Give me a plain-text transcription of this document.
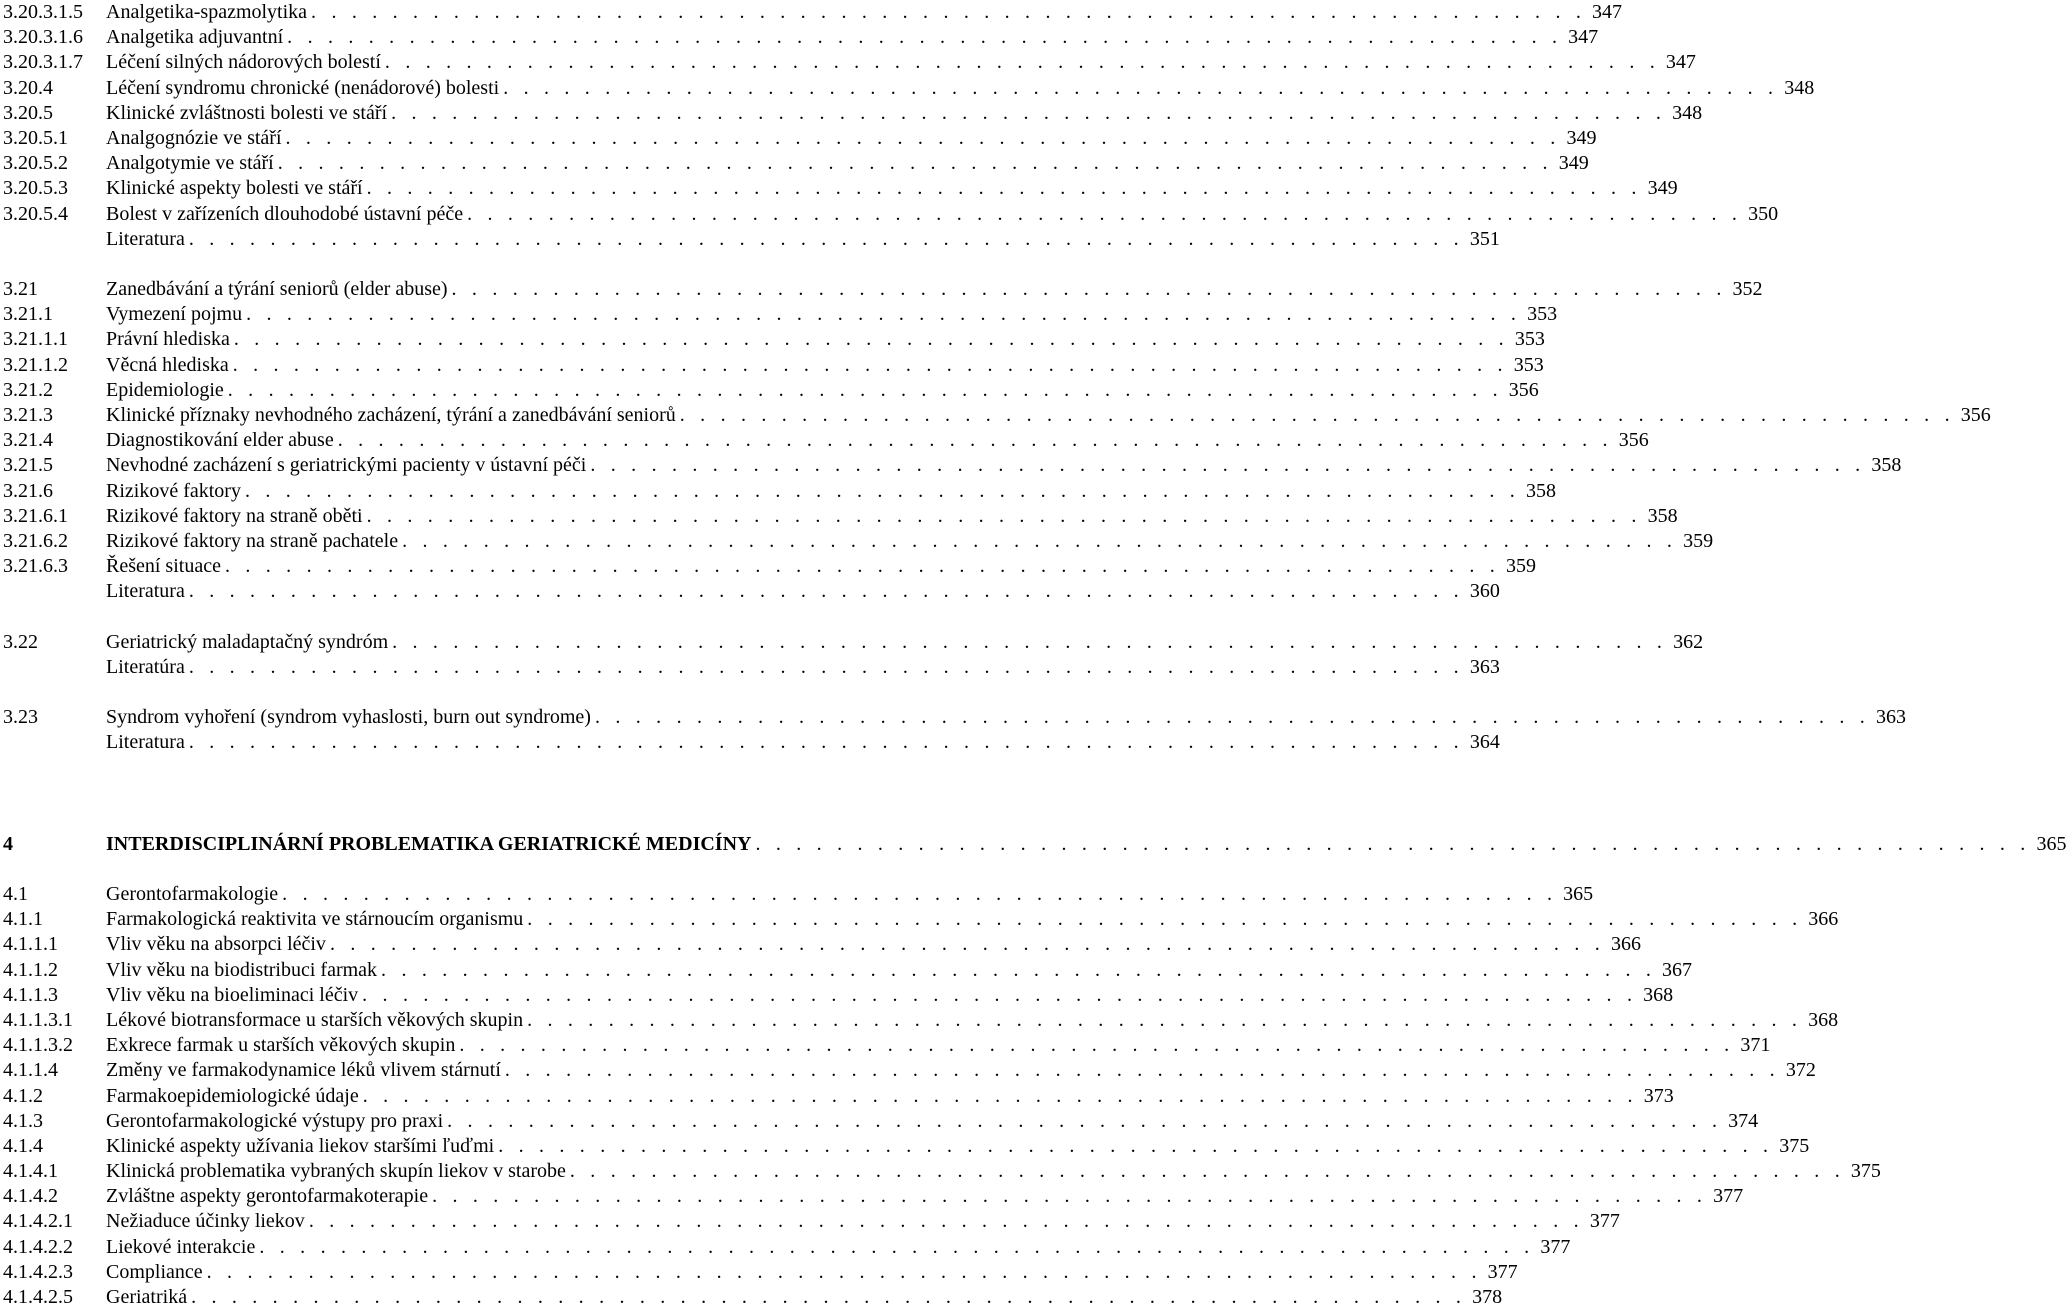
3.20.3.1.5	Analgetika-spazmolytika . . . . . . . . . . . . . . . . . . . . . . . . . . . . . . . . . . . . . . . . . . . . . . . . . . . . . . . . . . . . . . . 347
3.20.3.1.6	Analgetika adjuvantní . . . . . . . . . . . . . . . . . . . . . . . . . . . . . . . . . . . . . . . . . . . . . . . . . . . . . . . . . . . . . . . 347
3.20.3.1.7	Léčení silných nádorových bolestí . . . . . . . . . . . . . . . . . . . . . . . . . . . . . . . . . . . . . . . . . . . . . . . . . . . . . . . . . . . . . . . 347
3.20.4	Léčení syndromu chronické (nenádorové) bolesti . . . . . . . . . . . . . . . . . . . . . . . . . . . . . . . . . . . . . . . . . . . . . . . . . . . . . . . . . . . . . . . 348
3.20.5	Klinické zvláštnosti bolesti ve stáří . . . . . . . . . . . . . . . . . . . . . . . . . . . . . . . . . . . . . . . . . . . . . . . . . . . . . . . . . . . . . . . 348
3.20.5.1	Analgognózie ve stáří . . . . . . . . . . . . . . . . . . . . . . . . . . . . . . . . . . . . . . . . . . . . . . . . . . . . . . . . . . . . . . . 349
3.20.5.2	Analgotymie ve stáří . . . . . . . . . . . . . . . . . . . . . . . . . . . . . . . . . . . . . . . . . . . . . . . . . . . . . . . . . . . . . . . 349
3.20.5.3	Klinické aspekty bolesti ve stáří . . . . . . . . . . . . . . . . . . . . . . . . . . . . . . . . . . . . . . . . . . . . . . . . . . . . . . . . . . . . . . . 349
3.20.5.4	Bolest v zařízeních dlouhodobé ústavní péče . . . . . . . . . . . . . . . . . . . . . . . . . . . . . . . . . . . . . . . . . . . . . . . . . . . . . . . . . . . . . . . 350
Literatura . . . . . . . . . . . . . . . . . . . . . . . . . . . . . . . . . . . . . . . . . . . . . . . . . . . . . . . . . . . . . . . 351
3.21	Zanedbávání a týrání seniorů (elder abuse) . . . . . . . . . . . . . . . . . . . . . . . . . . . . . . . . . . . . . . . . . . . . . . . . . . . . . . . . . . . . . . . 352
3.21.1	Vymezení pojmu . . . . . . . . . . . . . . . . . . . . . . . . . . . . . . . . . . . . . . . . . . . . . . . . . . . . . . . . . . . . . . . 353
3.21.1.1	Právní hlediska . . . . . . . . . . . . . . . . . . . . . . . . . . . . . . . . . . . . . . . . . . . . . . . . . . . . . . . . . . . . . . . 353
3.21.1.2	Věcná hlediska . . . . . . . . . . . . . . . . . . . . . . . . . . . . . . . . . . . . . . . . . . . . . . . . . . . . . . . . . . . . . . . 353
3.21.2	Epidemiologie . . . . . . . . . . . . . . . . . . . . . . . . . . . . . . . . . . . . . . . . . . . . . . . . . . . . . . . . . . . . . . . 356
3.21.3	Klinické příznaky nevhodného zacházení, týrání a zanedbávání seniorů . . . . . . . . . . . . . . . . . . . . . . . . . . . . . . . . . . . . . . . . . . . . . . . . . . . . . . . . . . . . . . . 356
3.21.4	Diagnostikování elder abuse . . . . . . . . . . . . . . . . . . . . . . . . . . . . . . . . . . . . . . . . . . . . . . . . . . . . . . . . . . . . . . . 356
3.21.5	Nevhodné zacházení s geriatrickými pacienty v ústavní péči . . . . . . . . . . . . . . . . . . . . . . . . . . . . . . . . . . . . . . . . . . . . . . . . . . . . . . . . . . . . . . . 358
3.21.6	Rizikové faktory . . . . . . . . . . . . . . . . . . . . . . . . . . . . . . . . . . . . . . . . . . . . . . . . . . . . . . . . . . . . . . . 358
3.21.6.1	Rizikové faktory na straně oběti . . . . . . . . . . . . . . . . . . . . . . . . . . . . . . . . . . . . . . . . . . . . . . . . . . . . . . . . . . . . . . . 358
3.21.6.2	Rizikové faktory na straně pachatele . . . . . . . . . . . . . . . . . . . . . . . . . . . . . . . . . . . . . . . . . . . . . . . . . . . . . . . . . . . . . . . 359
3.21.6.3	Řešení situace . . . . . . . . . . . . . . . . . . . . . . . . . . . . . . . . . . . . . . . . . . . . . . . . . . . . . . . . . . . . . . . 359
Literatura . . . . . . . . . . . . . . . . . . . . . . . . . . . . . . . . . . . . . . . . . . . . . . . . . . . . . . . . . . . . . . . 360
3.22	Geriatrický maladaptačný syndróm . . . . . . . . . . . . . . . . . . . . . . . . . . . . . . . . . . . . . . . . . . . . . . . . . . . . . . . . . . . . . . . 362
Literatúra . . . . . . . . . . . . . . . . . . . . . . . . . . . . . . . . . . . . . . . . . . . . . . . . . . . . . . . . . . . . . . . 363
3.23	Syndrom vyhoření (syndrom vyhaslosti, burn out syndrome) . . . . . . . . . . . . . . . . . . . . . . . . . . . . . . . . . . . . . . . . . . . . . . . . . . . . . . . . . . . . . . . 363
Literatura . . . . . . . . . . . . . . . . . . . . . . . . . . . . . . . . . . . . . . . . . . . . . . . . . . . . . . . . . . . . . . . 364
4	INTERDISCIPLINÁRNÍ PROBLEMATIKA GERIATRICKÉ MEDICÍNY . . . . . . . . . . . . . . . . . . . . . . . . . . . . . . . . . . . . . . . . . . . . . . . . . . . . . . . . . . . . . . . 365
4.1	Gerontofarmakologie . . . . . . . . . . . . . . . . . . . . . . . . . . . . . . . . . . . . . . . . . . . . . . . . . . . . . . . . . . . . . . . 365
4.1.1	Farmakologická reaktivita ve stárnoucím organismu . . . . . . . . . . . . . . . . . . . . . . . . . . . . . . . . . . . . . . . . . . . . . . . . . . . . . . . . . . . . . . . 366
4.1.1.1	Vliv věku na absorpci léčiv . . . . . . . . . . . . . . . . . . . . . . . . . . . . . . . . . . . . . . . . . . . . . . . . . . . . . . . . . . . . . . . 366
4.1.1.2	Vliv věku na biodistribuci farmak . . . . . . . . . . . . . . . . . . . . . . . . . . . . . . . . . . . . . . . . . . . . . . . . . . . . . . . . . . . . . . . 367
4.1.1.3	Vliv věku na bioeliminaci léčiv . . . . . . . . . . . . . . . . . . . . . . . . . . . . . . . . . . . . . . . . . . . . . . . . . . . . . . . . . . . . . . . 368
4.1.1.3.1	Lékové biotransformace u starších věkových skupin . . . . . . . . . . . . . . . . . . . . . . . . . . . . . . . . . . . . . . . . . . . . . . . . . . . . . . . . . . . . . . . 368
4.1.1.3.2	Exkrece farmak u starších věkových skupin . . . . . . . . . . . . . . . . . . . . . . . . . . . . . . . . . . . . . . . . . . . . . . . . . . . . . . . . . . . . . . . 371
4.1.1.4	Změny ve farmakodynamice léků vlivem stárnutí . . . . . . . . . . . . . . . . . . . . . . . . . . . . . . . . . . . . . . . . . . . . . . . . . . . . . . . . . . . . . . . 372
4.1.2	Farmakoepidemiologické údaje . . . . . . . . . . . . . . . . . . . . . . . . . . . . . . . . . . . . . . . . . . . . . . . . . . . . . . . . . . . . . . . 373
4.1.3	Gerontofarmakologické výstupy pro praxi . . . . . . . . . . . . . . . . . . . . . . . . . . . . . . . . . . . . . . . . . . . . . . . . . . . . . . . . . . . . . . . 374
4.1.4	Klinické aspekty užívania liekov staršími ľuďmi . . . . . . . . . . . . . . . . . . . . . . . . . . . . . . . . . . . . . . . . . . . . . . . . . . . . . . . . . . . . . . . 375
4.1.4.1	Klinická problematika vybraných skupín liekov v starobe . . . . . . . . . . . . . . . . . . . . . . . . . . . . . . . . . . . . . . . . . . . . . . . . . . . . . . . . . . . . . . . 375
4.1.4.2	Zvláštne aspekty gerontofarmakoterapie . . . . . . . . . . . . . . . . . . . . . . . . . . . . . . . . . . . . . . . . . . . . . . . . . . . . . . . . . . . . . . . 377
4.1.4.2.1	Nežiaduce účinky liekov . . . . . . . . . . . . . . . . . . . . . . . . . . . . . . . . . . . . . . . . . . . . . . . . . . . . . . . . . . . . . . . 377
4.1.4.2.2	Liekové interakcie . . . . . . . . . . . . . . . . . . . . . . . . . . . . . . . . . . . . . . . . . . . . . . . . . . . . . . . . . . . . . . . 377
4.1.4.2.3	Compliance . . . . . . . . . . . . . . . . . . . . . . . . . . . . . . . . . . . . . . . . . . . . . . . . . . . . . . . . . . . . . . . 377
4.1.4.2.5	Geriatriká . . . . . . . . . . . . . . . . . . . . . . . . . . . . . . . . . . . . . . . . . . . . . . . . . . . . . . . . . . . . . . . 378
